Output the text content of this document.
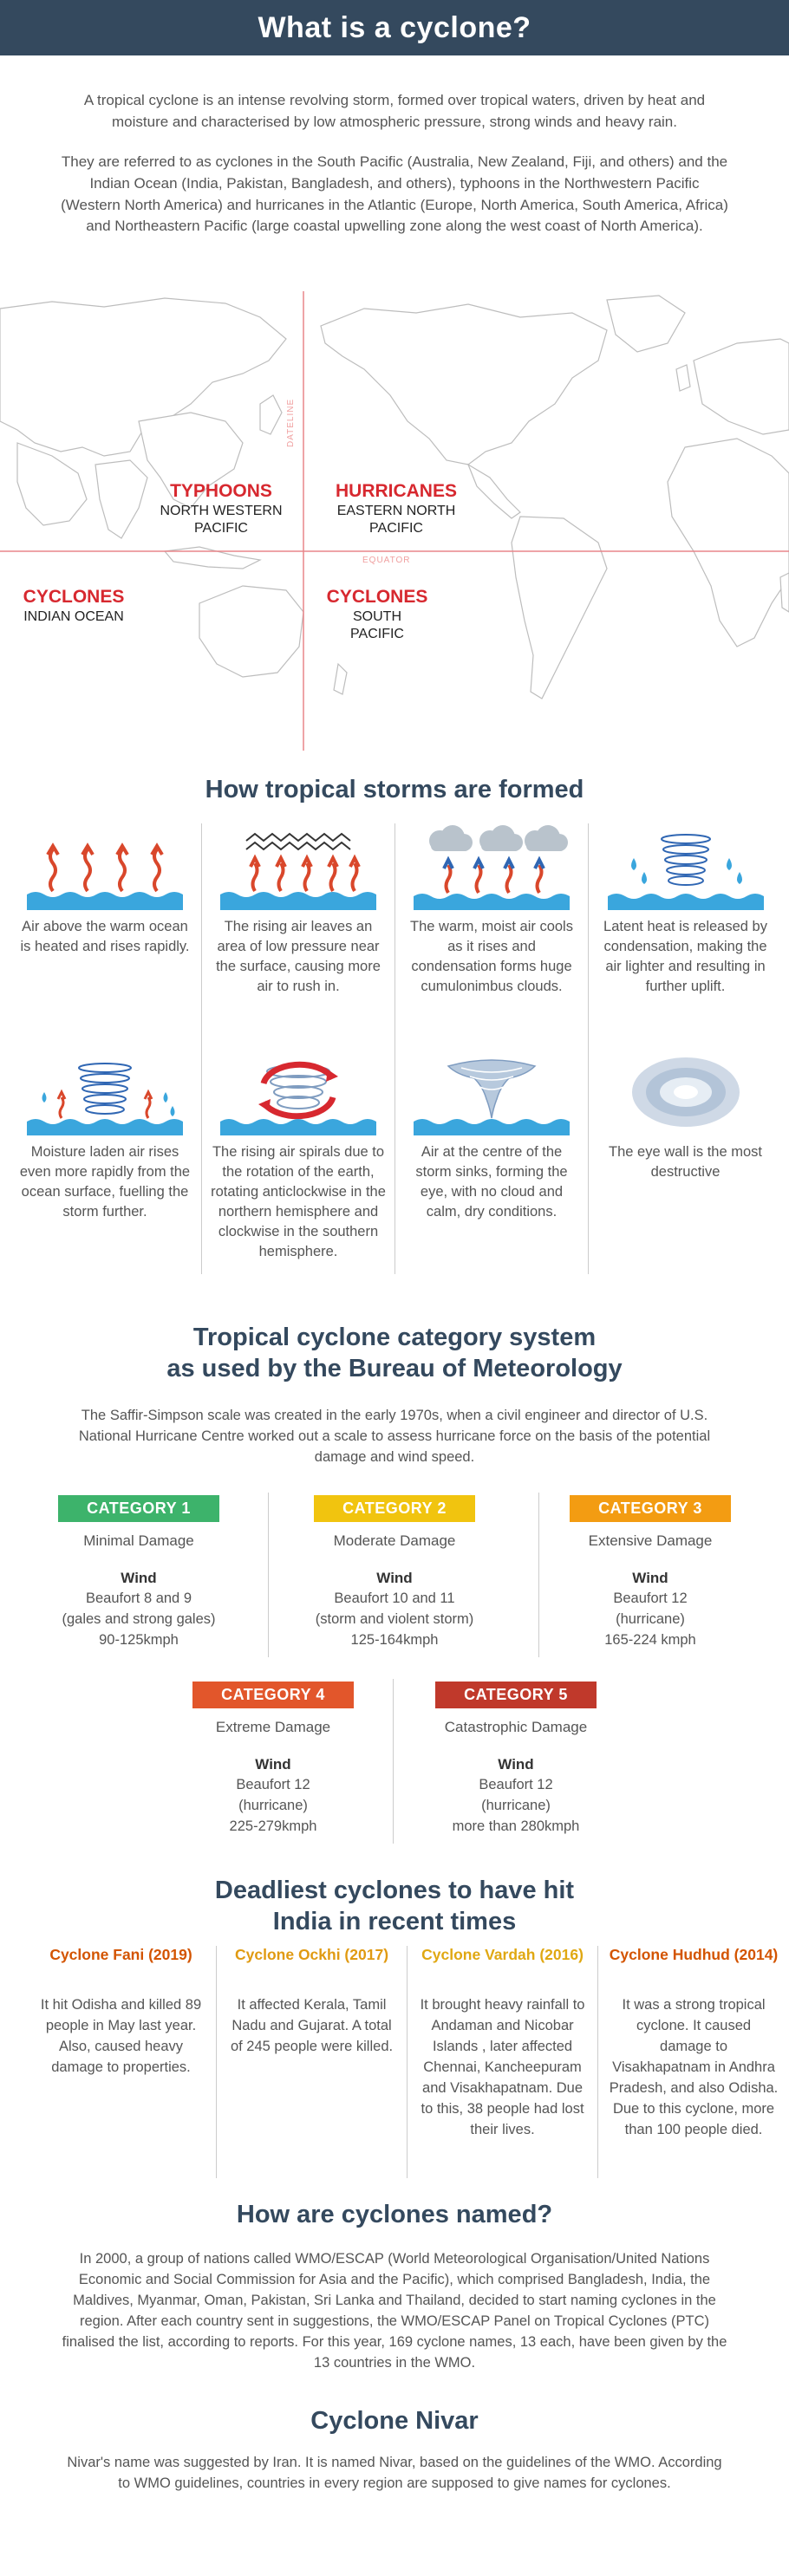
What is a cyclone?

A tropical cyclone is an intense revolving storm, formed over tropical waters, driven by heat and moisture and characterised by low atmospheric pressure, strong winds and heavy rain.

They are referred to as cyclones in the South Pacific (Australia, New Zealand, Fiji, and others) and the Indian Ocean (India, Pakistan, Bangladesh, and others), typhoons in the Northwestern Pacific (Western North America) and hurricanes in the Atlantic (Europe, North America, South America, Africa) and Northeastern Pacific (large coastal upwelling zone along the west coast of North America).

DATELINE
EQUATOR
TYPHOONS
NORTH WESTERN PACIFIC
HURRICANES
EASTERN NORTH PACIFIC
CYCLONES
INDIAN OCEAN
CYCLONES
SOUTH PACIFIC
How tropical storms are formed

Air above the warm ocean is heated and rises rapidly.

The rising air leaves an area of low pressure near the surface, causing more air to rush in.

The warm, moist air cools as it rises and condensation forms huge cumulonimbus clouds.

Latent heat is released by condensation, making the air lighter and resulting in further uplift.

Moisture laden air rises even more rapidly from the ocean surface, fuelling the storm further.

The rising air spirals due to the rotation of the earth, rotating anticlockwise in the northern hemisphere and clockwise in the southern hemisphere.

Air at the centre of the storm sinks, forming the eye, with no cloud and calm, dry conditions.

The eye wall is the most destructive

Tropical cyclone category system
as used by the Bureau of Meteorology
The Saffir-Simpson scale was created in the early 1970s, when a civil engineer and director of U.S. National Hurricane Centre worked out a scale to assess hurricane force on the basis of the potential damage and wind speed.
CATEGORY 1
Minimal Damage
Wind
Beaufort 8 and 9
(gales and strong gales)
90-125kmph
CATEGORY 2
Moderate Damage
Wind
Beaufort 10 and 11
(storm and violent storm)
125-164kmph
CATEGORY 3
Extensive Damage
Wind
Beaufort 12
(hurricane)
165-224 kmph
CATEGORY 4
Extreme Damage
Wind
Beaufort 12
(hurricane)
225-279kmph
CATEGORY 5
Catastrophic Damage
Wind
Beaufort 12
(hurricane)
more than 280kmph
Deadliest cyclones to have hit
India in recent times
Cyclone Fani (2019)

It hit Odisha and killed 89 people in May last year. Also, caused heavy damage to properties.

Cyclone Ockhi (2017)

It affected Kerala, Tamil Nadu and Gujarat. A total of 245 people were killed.

Cyclone Vardah (2016)

It brought heavy rainfall to Andaman and Nicobar Islands , later affected Chennai, Kancheepuram and Visakhapatnam. Due to this, 38 people had lost their lives.

Cyclone Hudhud (2014)

It was a strong tropical cyclone. It caused damage to Visakhapatnam in Andhra Pradesh, and also Odisha. Due to this cyclone, more than 100 people died.

How are cyclones named?
In 2000, a group of nations called WMO/ESCAP (World Meteorological Organisation/United Nations Economic and Social Commission for Asia and the Pacific), which comprised Bangladesh, India, the Maldives, Myanmar, Oman, Pakistan, Sri Lanka and Thailand, decided to start naming cyclones in the region. After each country sent in suggestions, the WMO/ESCAP Panel on Tropical Cyclones (PTC) finalised the list, according to reports. For this year, 169 cyclone names, 13 each, have been given by the 13 countries in the WMO.
Cyclone Nivar
Nivar's name was suggested by Iran. It is named Nivar, based on the guidelines of the WMO. According to WMO guidelines, countries in every region are supposed to give names for cyclones.
